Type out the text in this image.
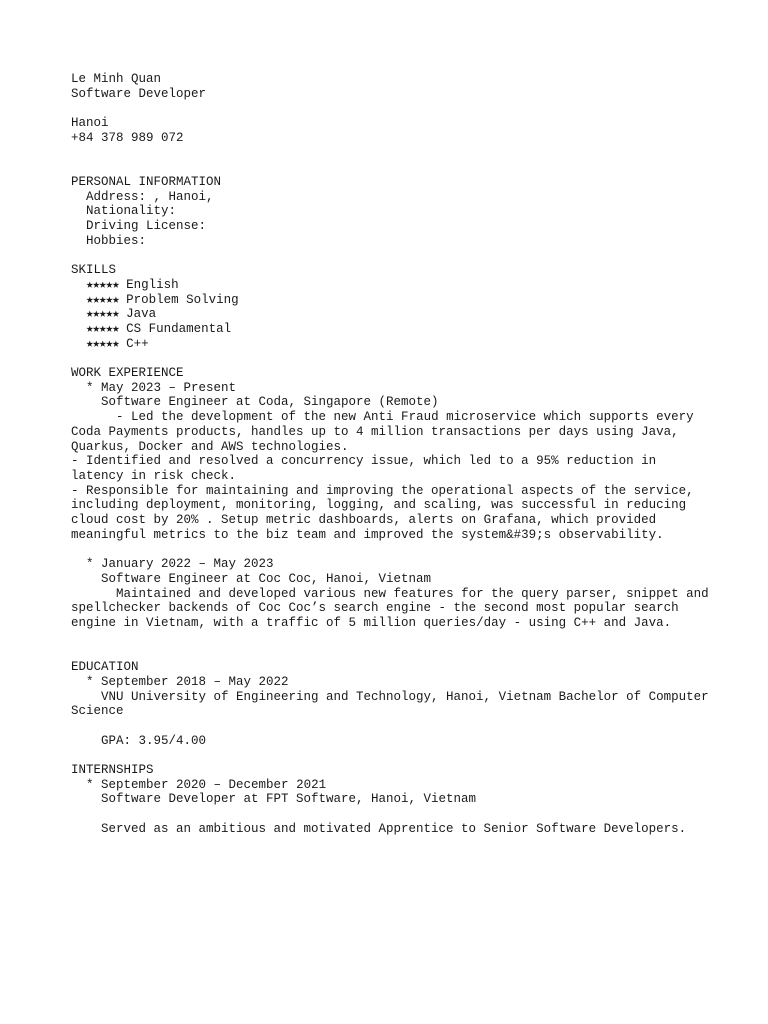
Le Minh Quan
Software Developer

Hanoi
+84 378 989 072

PERSONAL INFORMATION
Address: , Hanoi,
Nationality:
Driving License:
Hobbies:

SKILLS
★★★★★ English
★★★★★ Problem Solving
★★★★★ Java
★★★★★ CS Fundamental
★★★★★ C++

WORK EXPERIENCE
* May 2023 – Present
Software Engineer at Coda, Singapore (Remote)
- Led the development of the new Anti Fraud microservice which supports every Coda Payments products, handles up to 4 million transactions per days using Java, Quarkus, Docker and AWS technologies.
- Identified and resolved a concurrency issue, which led to a 95% reduction in latency in risk check.
- Responsible for maintaining and improving the operational aspects of the service, including deployment, monitoring, logging, and scaling, was successful in reducing cloud cost by 20% . Setup metric dashboards, alerts on Grafana, which provided meaningful metrics to the biz team and improved the system&#39;s observability.

* January 2022 – May 2023
Software Engineer at Coc Coc, Hanoi, Vietnam
Maintained and developed various new features for the query parser, snippet and spellchecker backends of Coc Coc’s search engine - the second most popular search engine in Vietnam, with a traffic of 5 million queries/day - using C++ and Java.

EDUCATION
* September 2018 – May 2022
VNU University of Engineering and Technology, Hanoi, Vietnam Bachelor of Computer Science

GPA: 3.95/4.00

INTERNSHIPS
* September 2020 – December 2021
Software Developer at FPT Software, Hanoi, Vietnam

Served as an ambitious and motivated Apprentice to Senior Software Developers.
